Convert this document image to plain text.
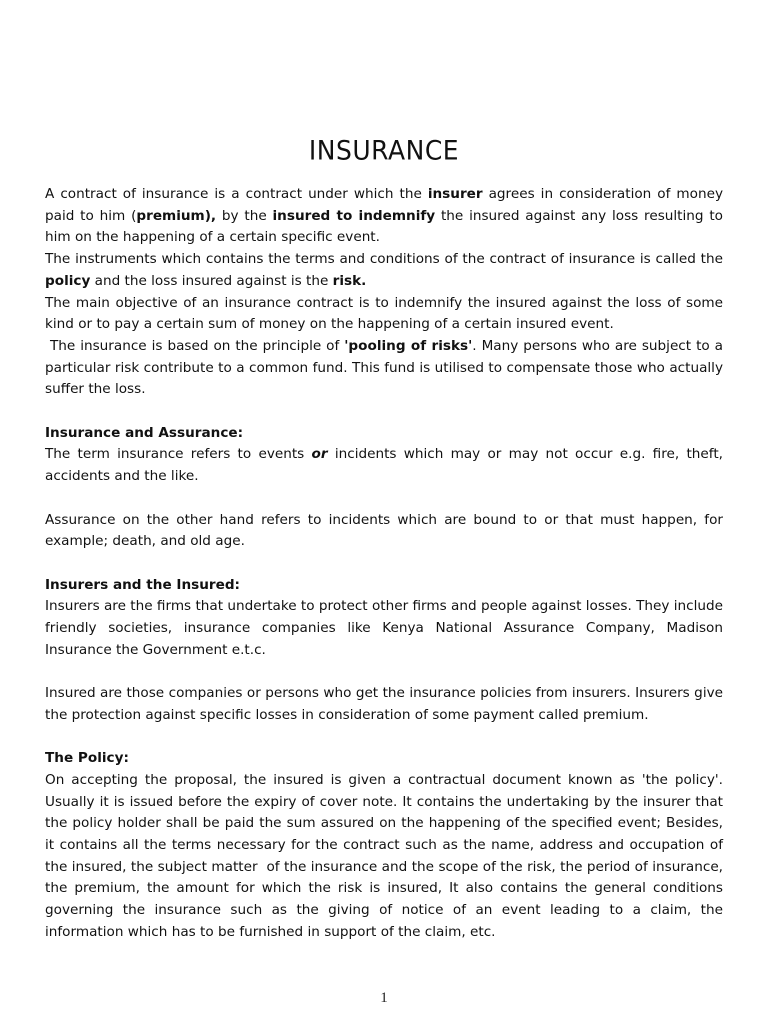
INSURANCE

A contract of insurance is a contract under which the insurer agrees in consideration of money paid to him (premium), by the insured to indemnify the insured against any loss resulting to him on the happening of a certain specific event.

The instruments which contains the terms and conditions of the contract of insurance is called the policy and the loss insured against is the risk.

The main objective of an insurance contract is to indemnify the insured against the loss of some kind or to pay a certain sum of money on the happening of a certain insured event.

The insurance is based on the principle of 'pooling of risks'. Many persons who are subject to a particular risk contribute to a common fund. This fund is utilised to compensate those who actually suffer the loss.

Insurance and Assurance:

The term insurance refers to events or incidents which may or may not occur e.g. fire, theft, accidents and the like.

Assurance on the other hand refers to incidents which are bound to or that must happen, for example; death, and old age.

Insurers and the Insured:

Insurers are the firms that undertake to protect other firms and people against losses. They include friendly societies, insurance companies like Kenya National Assurance Company, Madison Insurance the Government e.t.c.

Insured are those companies or persons who get the insurance policies from insurers. Insurers give the protection against specific losses in consideration of some payment called premium.

The Policy:

On accepting the proposal, the insured is given a contractual document known as 'the policy'. Usually it is issued before the expiry of cover note. It contains the undertaking by the insurer that the policy holder shall be paid the sum assured on the happening of the specified event; Besides, it contains all the terms necessary for the contract such as the name, address and occupation of the insured, the subject matter  of the insurance and the scope of the risk, the period of insurance, the premium, the amount for which the risk is insured, It also contains the general conditions governing the insurance such as the giving of notice of an event leading to a claim, the information which has to be furnished in support of the claim, etc.

1
